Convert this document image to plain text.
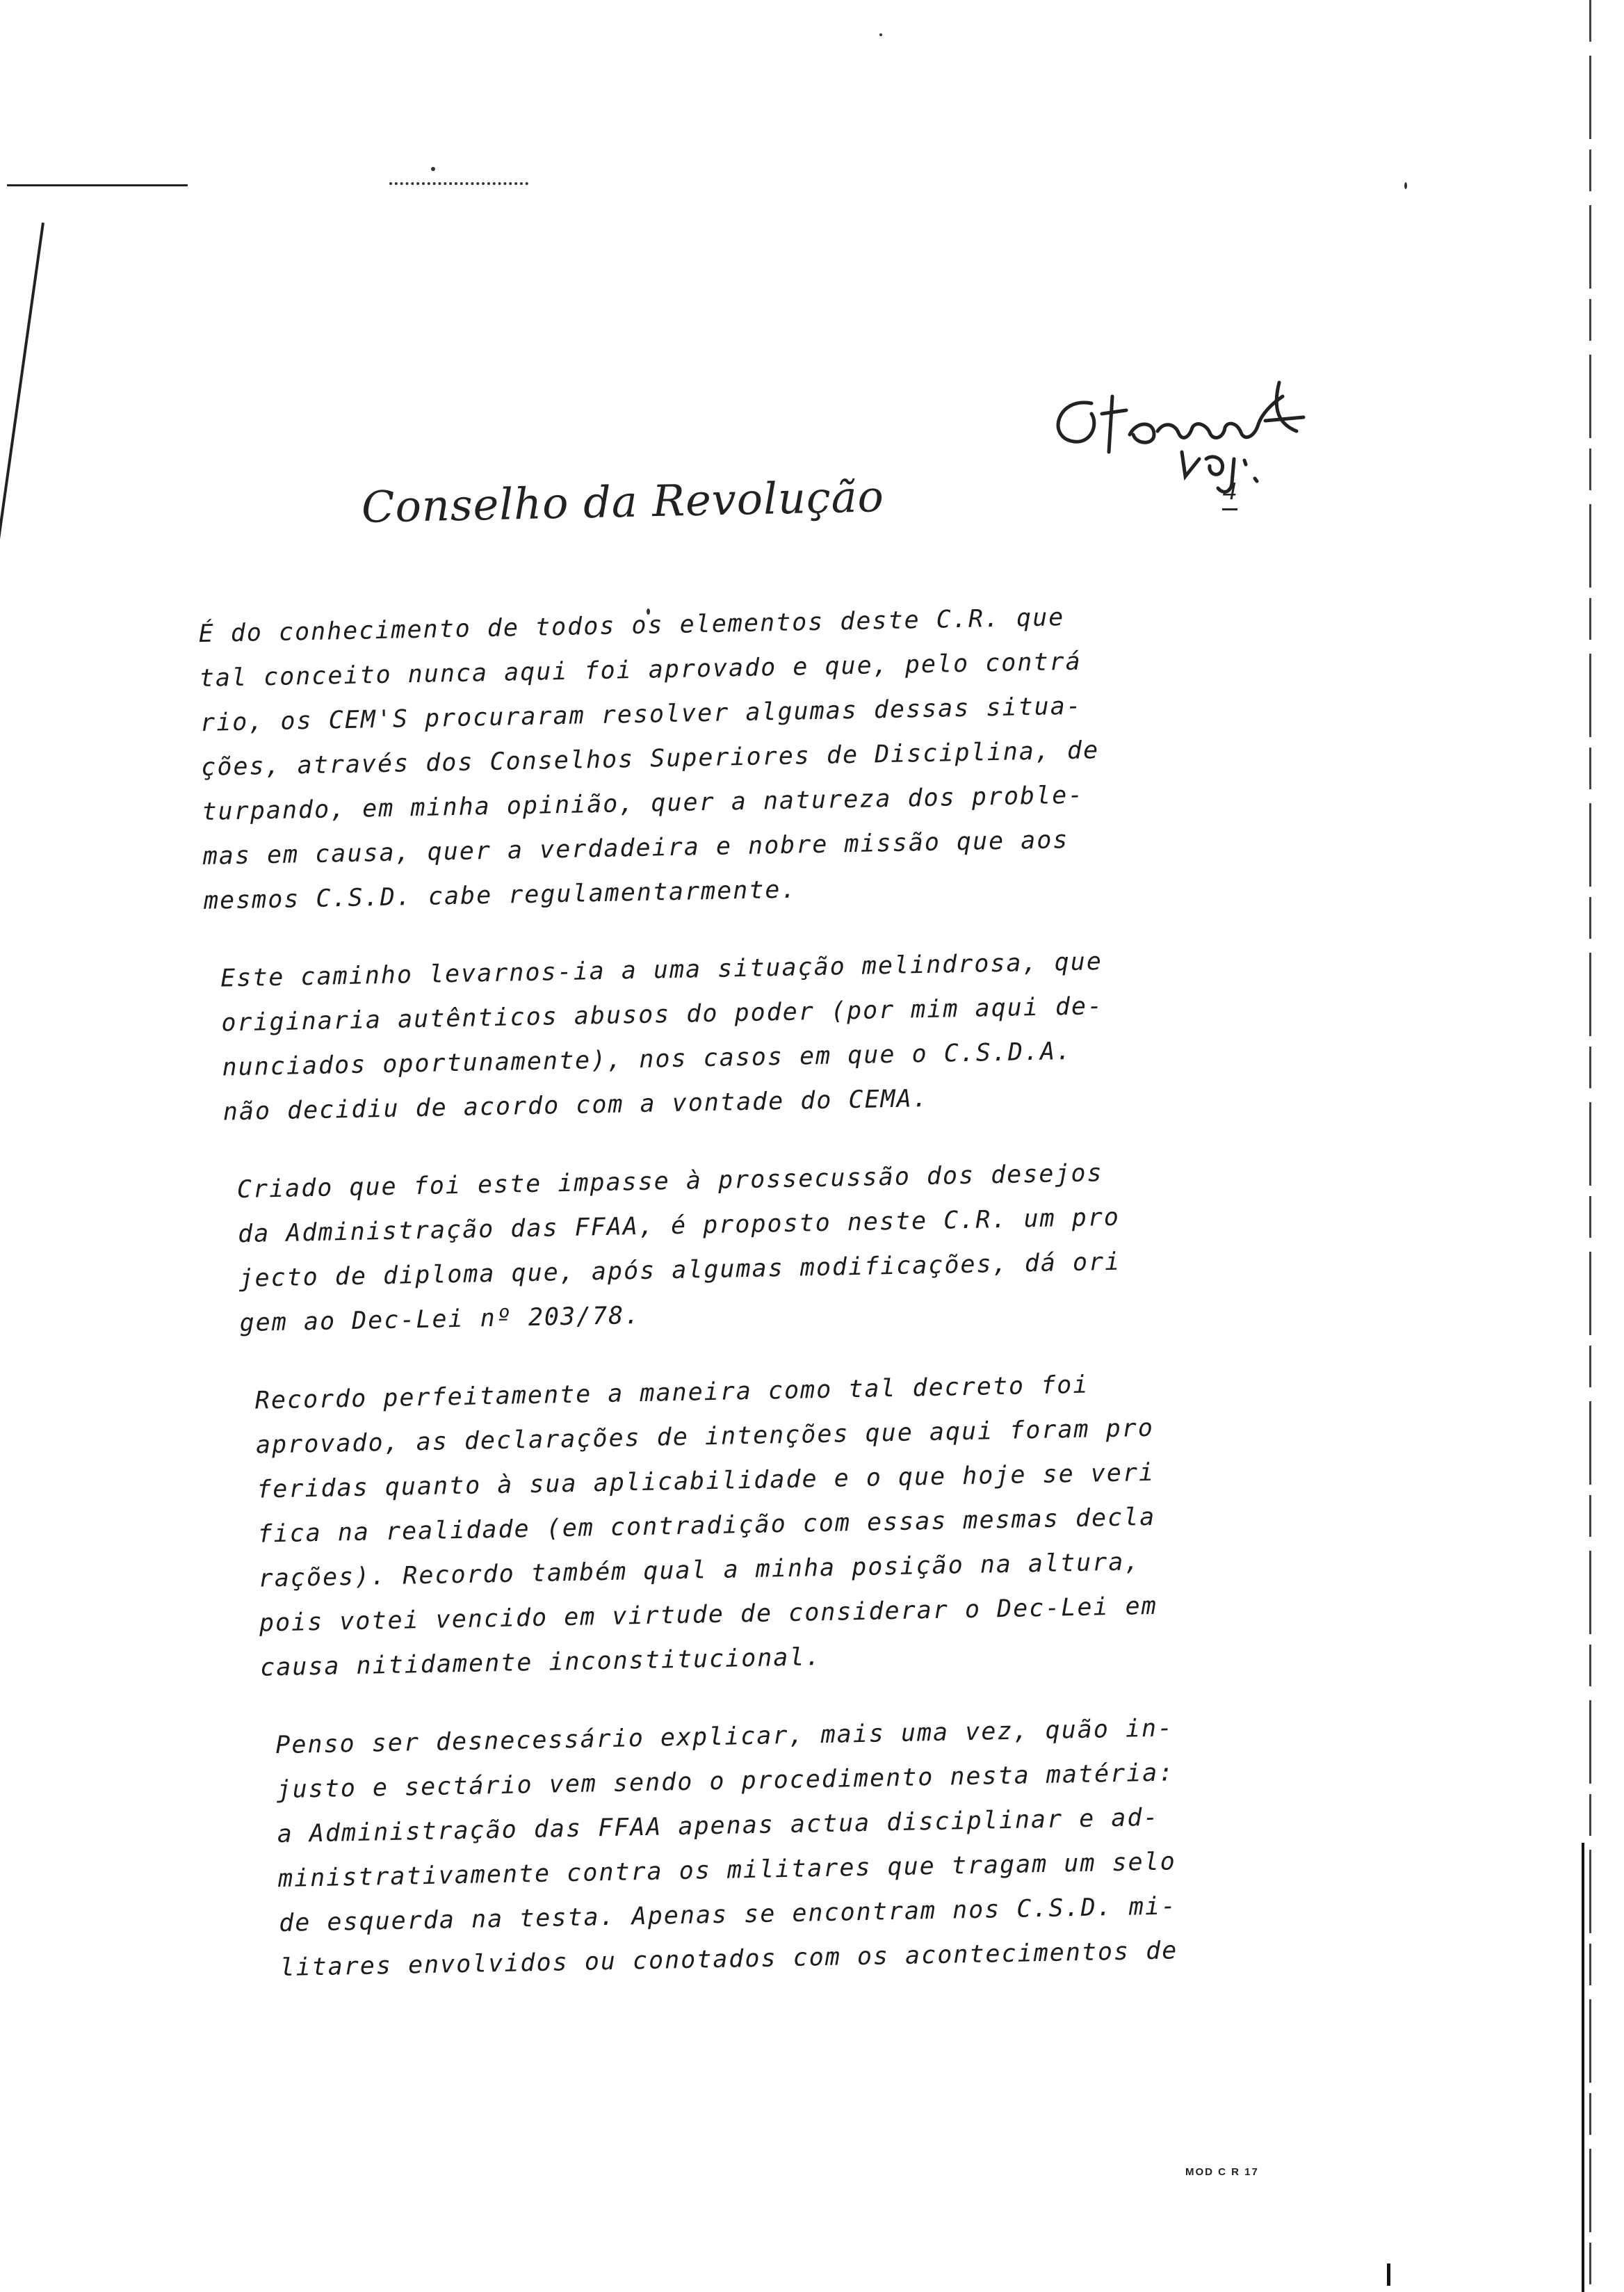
Conselho da Revolução	4
É do conhecimento de todos os elementos deste C.R. que
tal conceito nunca aqui foi aprovado e que, pelo contrá
rio, os CEM'S procuraram resolver algumas dessas situa-
ções, através dos Conselhos Superiores de Disciplina, de
turpando, em minha opinião, quer a natureza dos proble-
mas em causa, quer a verdadeira e nobre missão que aos
mesmos C.S.D. cabe regulamentarmente.
Este caminho levarnos-ia a uma situação melindrosa, que
originaria autênticos abusos do poder (por mim aqui de-
nunciados oportunamente), nos casos em que o C.S.D.A.
não decidiu de acordo com a vontade do CEMA.
Criado que foi este impasse à prossecussão dos desejos
da Administração das FFAA, é proposto neste C.R. um pro
jecto de diploma que, após algumas modificações, dá ori
gem ao Dec-Lei nº 203/78.
Recordo perfeitamente a maneira como tal decreto foi
aprovado, as declarações de intenções que aqui foram pro
feridas quanto à sua aplicabilidade e o que hoje se veri
fica na realidade (em contradição com essas mesmas decla
rações). Recordo também qual a minha posição na altura,
pois votei vencido em virtude de considerar o Dec-Lei em
causa nitidamente inconstitucional.
Penso ser desnecessário explicar, mais uma vez, quão in-
justo e sectário vem sendo o procedimento nesta matéria:
a Administração das FFAA apenas actua disciplinar e ad-
ministrativamente contra os militares que tragam um selo
de esquerda na testa. Apenas se encontram nos C.S.D. mi-
litares envolvidos ou conotados com os acontecimentos de
MOD C R 17
